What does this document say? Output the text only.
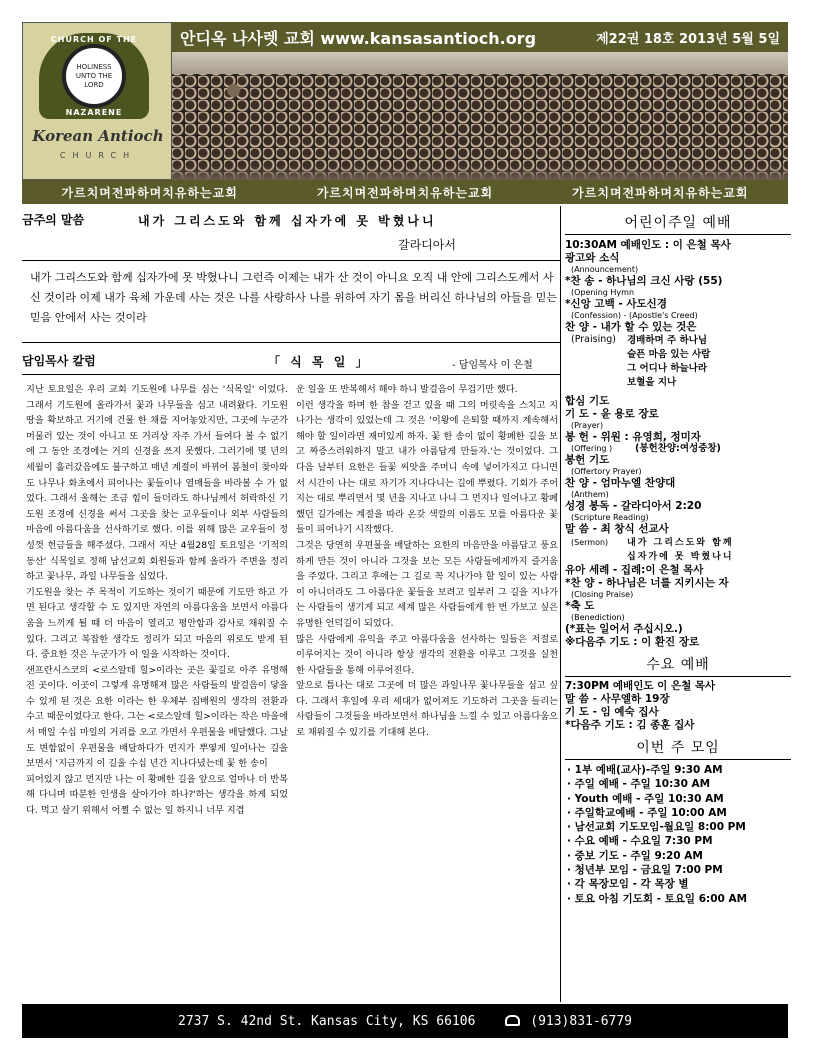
CHURCH OF THE
HOLINESS UNTO THE LORD
NAZARENE
Korean Antioch
CHURCH
안디옥 나사렛 교회 www.kansasantioch.org	제22권 18호 2013년 5월 5일
가르치며전파하며치유하는교회	가르치며전파하며치유하는교회	가르치며전파하며치유하는교회
금주의 말씀	내가 그리스도와 함께 십자가에 못 박혔나니
갈라디아서
내가 그리스도와 함께 십자가에 못 박혔나니 그런즉 이제는 내가 산 것이 아니요 오직 내 안에 그리스도께서 사신 것이라 이제 내가 육체 가운데 사는 것은 나를 사랑하사 나를 위하여 자기 몸을 버리신 하나님의 아들을 믿는 믿음 안에서 사는 것이라
담임목사 칼럼	「 식 목 일 」	- 담임목사 이 은철

지난 토요일은 우리 교회 기도원에 나무를 심는 '식목일' 이었다. 그래서 기도원에 올라가서 꽃과 나무들을 심고 내려왔다. 기도원 땅을 확보하고 거기에 건물 한 채를 지어놓았지만, 그곳에 누군가 머물러 있는 것이 아니고 또 거리상 자주 가서 들여다 볼 수 없기에 그 동안 조경에는 거의 신경을 쓰지 못했다. 그러기에 몇 년의 세월이 흘러갔음에도 불구하고 매년 계절이 바뀌어 봄철이 찾아와도 나무나 화초에서 피어나는 꽃들이나 열매들을 바라볼 수 가 없었다. 그래서 올해는 조금 힘이 들더라도 하나님께서 허락하신 기도원 조경에 신경을 써서 그곳을 찾는 교우들이나 외부 사람들의 마음에 아름다움을 선사하기로 했다. 이를 위해 많은 교우들이 정성껏 헌금들을 해주셨다. 그래서 지난 4월28일 토요일은 '기적의 동산' 식목일로 정해 남선교회 회원들과 함께 올라가 주변을 정리하고 꽃나무, 과일 나무들을 심었다.

기도원을 찾는 주 목적이 기도하는 것이기 때문에 기도만 하고 가면 된다고 생각할 수 도 있지만 자연의 아름다움을 보면서 아름다움을 느끼게 될 때 더 마음이 열리고 평안함과 감사로 채워질 수 있다. 그리고 복잡한 생각도 정리가 되고 마음의 위로도 받게 된다. 중요한 것은 누군가가 이 일을 시작하는 것이다.

샌프란시스코의 <로스알데 힐>이라는 곳은 꽃길로 아주 유명해진 곳이다. 이곳이 그렇게 유명해져 많은 사람들의 발걸음이 닿을 수 있게 된 것은 요한 이라는 한 우체부 집배원의 생각의 전환과 수고 때문이었다고 한다. 그는 <로스알데 힐>이라는 작은 마을에서 매일 수십 마일의 거리를 오고 가면서 우편물을 배달했다. 그날도 변함없이 우편물을 배달하다가 먼지가 뿌옇게 일어나는 길을 보면서 '지금까지 이 길을 수십 년간 지나다녔는데 꽃 한 송이

피어있지 않고 먼지만 나는 이 황폐한 길을 앞으로 얼마나 더 반복해 다니며 따분한 인생을 살아가야 하나?'하는 생각을 하게 되었다. 먹고 살기 위해서 어쩔 수 없는 일 하지니 너무 지겹

운 일을 또 반복해서 해야 하니 발걸음이 무겁기만 했다.

이런 생각을 하며 한 참을 걷고 있을 때 그의 머릿속을 스치고 지나가는 생각이 있었는데 그 것은 '이왕에 은퇴할 때까지 계속해서 해야 할 일이라면 재미있게 하자. 꽃 한 송이 없이 황폐한 길을 보고 짜증스러워하지 말고 내가 아름답게 만들자.'는 것이었다. 그 다음 날부터 요한은 들꽃 씨앗을 주머니 속에 넣어가지고 다니면서 시간이 나는 대로 자기가 지나다니는 길에 뿌렸다. 기회가 주어지는 대로 뿌리면서 몇 년을 지나고 나니 그 먼지나 일어나고 황폐했던 길가에는 계절을 따라 온갖 색깔의 이름도 모를 아름다운 꽃들이 피어나기 시작했다.

그것은 당연히 우편물을 배달하는 요한의 마음만을 아름답고 풍요하게 만든 것이 아니라 그것을 보는 모든 사람들에게까지 즐거움을 주었다. 그리고 후에는 그 길로 꼭 지나가야 할 일이 있는 사람이 아니더라도 그 아름다운 꽃들을 보려고 일부러 그 길을 지나가는 사람들이 생기게 되고 세계 많은 사람들에게 한 번 가보고 싶은 유명한 언덕길이 되었다.

많은 사람에게 유익을 주고 아름다움을 선사하는 일들은 저절로 이루어지는 것이 아니라 항상 생각의 전환을 이루고 그것을 실천한 사람들을 통해 이루어진다.

앞으로 틈나는 대로 그곳에 더 많은 과일나무 꽃나무들을 심고 싶다. 그래서 후일에 우리 세대가 없어져도 기도하러 그곳을 들리는 사람들이 그것들을 바라보면서 하나님을 느낄 수 있고 아름다움으로 채워질 수 있기를 기대해 본다.

어린이주일 예배
10:30AM 예배인도 : 이 은철 목사
광고와 소식
(Announcement)
*찬 송 - 하나님의 크신 사랑 (55)
(Opening Hymn
*신앙 고백 - 사도신경
(Confession) - (Apostle's Creed)
찬 양 - 내가 할 수 있는 것은
(Praising)	경배하며 주 하나님
슬픈 마음 있는 사람
그 어디나 하늘나라
보혈을 지나
합심 기도
기 도 - 윤 용로 장로
(Prayer)
봉 헌 - 위원 : 유영희, 정미자
(Offering )	(봉헌찬양:여성중창)
봉헌 기도
(Offertory Prayer)
찬 양 - 엄마누엘 찬양대
(Anthem)
성경 봉독 - 갈라디아서 2:20
(Scripture Reading)
말 씀 - 최 창식 선교사
(Sermon)	내가 그리스도와 함께
십자가에 못 박혔나니
유아 세례 - 집례:이 은철 목사
*찬 양 - 하나님은 너를 지키시는 자
(Closing Praise)
*축 도
(Benediction)
(*표는 일어서 주십시오.)
※다음주 기도 : 이 환진 장로
수요 예배
7:30PM 예배인도 이 은철 목사
말 씀 - 사무엘하 19장
기 도 - 임 예숙 집사
*다음주 기도 : 김 종훈 집사
이번 주 모임
· 1부 예배(교사)-주일 9:30 AM
· 주일 예배 - 주일 10:30 AM
· Youth 예배 - 주일 10:30 AM
· 주일학교예배 - 주일 10:00 AM
· 남선교회 기도모임-월요일 8:00 PM
· 수요 예배 - 수요일 7:30 PM
· 중보 기도 - 주일 9:20 AM
· 청년부 모임 - 금요일 7:00 PM
· 각 목장모임 - 각 목장 별
· 토요 아침 기도회 - 토요일 6:00 AM
2737 S. 42nd St. Kansas City, KS 66106	(913)831-6779
